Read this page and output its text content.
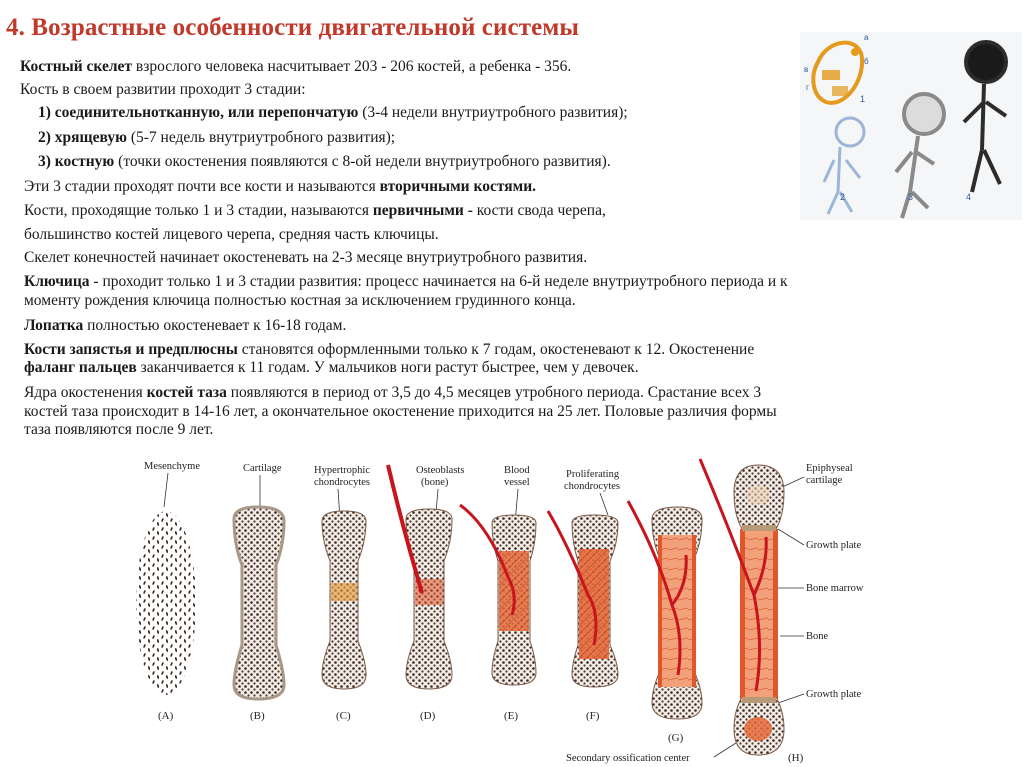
4. Возрастные особенности двигательной системы
Костный скелет взрослого человека насчитывает 203 - 206 костей, а ребенка - 356.
Кость в своем развитии проходит 3 стадии:
1) соединительнотканную, или перепончатую (3-4 недели внутриутробного развития);
2) хрящевую (5-7 недель внутриутробного развития);
3) костную (точки окостенения появляются с 8-ой недели внутриутробного развития).
Эти 3 стадии проходят почти все кости и называются вторичными костями.
Кости, проходящие только 1 и 3 стадии, называются первичными - кости свода черепа,
большинство костей лицевого черепа, средняя часть ключицы.
Скелет конечностей начинает окостеневать на 2-3 месяце внутриутробного развития.
Ключица - проходит только 1 и 3 стадии развития: процесс начинается на 6-й неделе внутриутробного периода и к
моменту рождения ключица полностью костная за исключением грудинного конца.
Лопатка полностью окостеневает к 16-18 годам.
Кости запястья и предплюсны становятся оформленными только к 7 годам, окостеневают к 12. Окостенение
фаланг пальцев заканчивается к 11 годам. У мальчиков ноги растут быстрее, чем у девочек.
Ядра окостенения костей таза появляются в период от 3,5 до 4,5 месяцев утробного периода. Срастание всех 3
костей таза происходит в 14-16 лет, а окончательное окостенение приходится на 25 лет. Половые различия формы
таза появляются после 9 лет.
а
б
в
г
1
2	3	4
Mesenchyme	Cartilage	Hypertrophic
chondrocytes
Osteoblasts
(bone)
Blood
vessel
Proliferating
chondrocytes
Epiphyseal
cartilage
Growth plate
Bone marrow
Bone
Growth plate
Secondary ossification center
(A)	(B)	(C)	(D)	(E)	(F)
(G)
(H)
